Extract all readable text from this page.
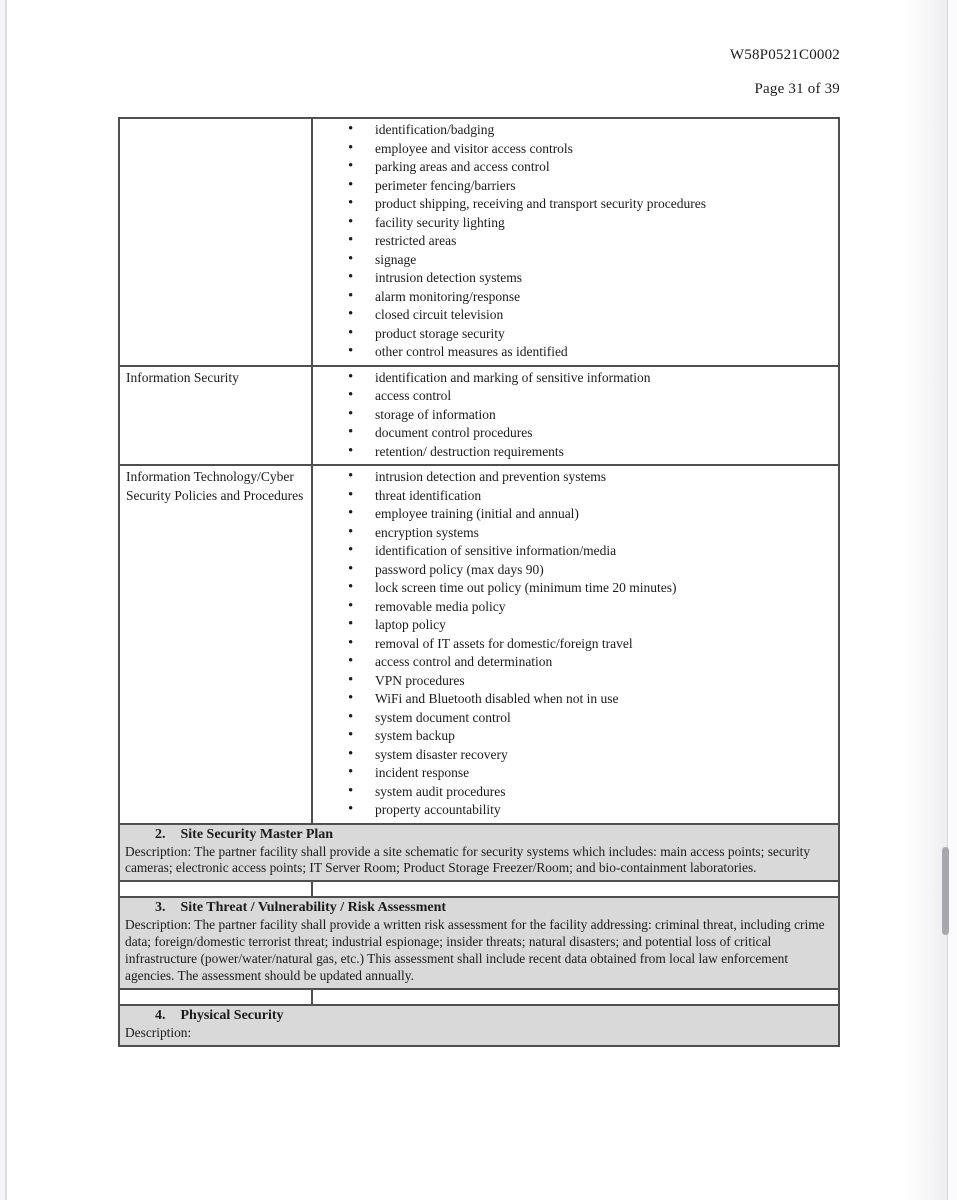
W58P0521C0002
Page 31 of 39

• identification/badging
• employee and visitor access controls
• parking areas and access control
• perimeter fencing/barriers
• product shipping, receiving and transport security procedures
• facility security lighting
• restricted areas
• signage
• intrusion detection systems
• alarm monitoring/response
• closed circuit television
• product storage security
• other control measures as identified

Information Security

•identification and marking of sensitive information
• access control
• storage of information
• document control procedures
• retention/ destruction requirements

Information Technology/Cyber Security Policies and Procedures

• intrusion detection and prevention systems
• threat identification
• employee training (initial and annual)
• encryption systems
• identification of sensitive information/media
• password policy (max days 90)
• lock screen time out policy (minimum time 20 minutes)
• removable media policy
• laptop policy
• removal of IT assets for domestic/foreign travel
• access control and determination
• VPN procedures
• WiFi and Bluetooth disabled when not in use
• system document control
• system backup
• system disaster recovery
• incident response
• system audit procedures
• property accountability
2. Site Security Master Plan
Description: The partner facility shall provide a site schematic for security systems which includes: main access points; security cameras; electronic access points; IT Server Room; Product Storage Freezer/Room; and bio-containment laboratories.
3. Site Threat / Vulnerability / Risk Assessment
Description: The partner facility shall provide a written risk assessment for the facility addressing: criminal threat, including crime data; foreign/domestic terrorist threat; industrial espionage; insider threats; natural disasters; and potential loss of critical infrastructure (power/water/natural gas, etc.) This assessment shall include recent data obtained from local law enforcement agencies. The assessment should be updated annually.
4. Physical Security
Description:
